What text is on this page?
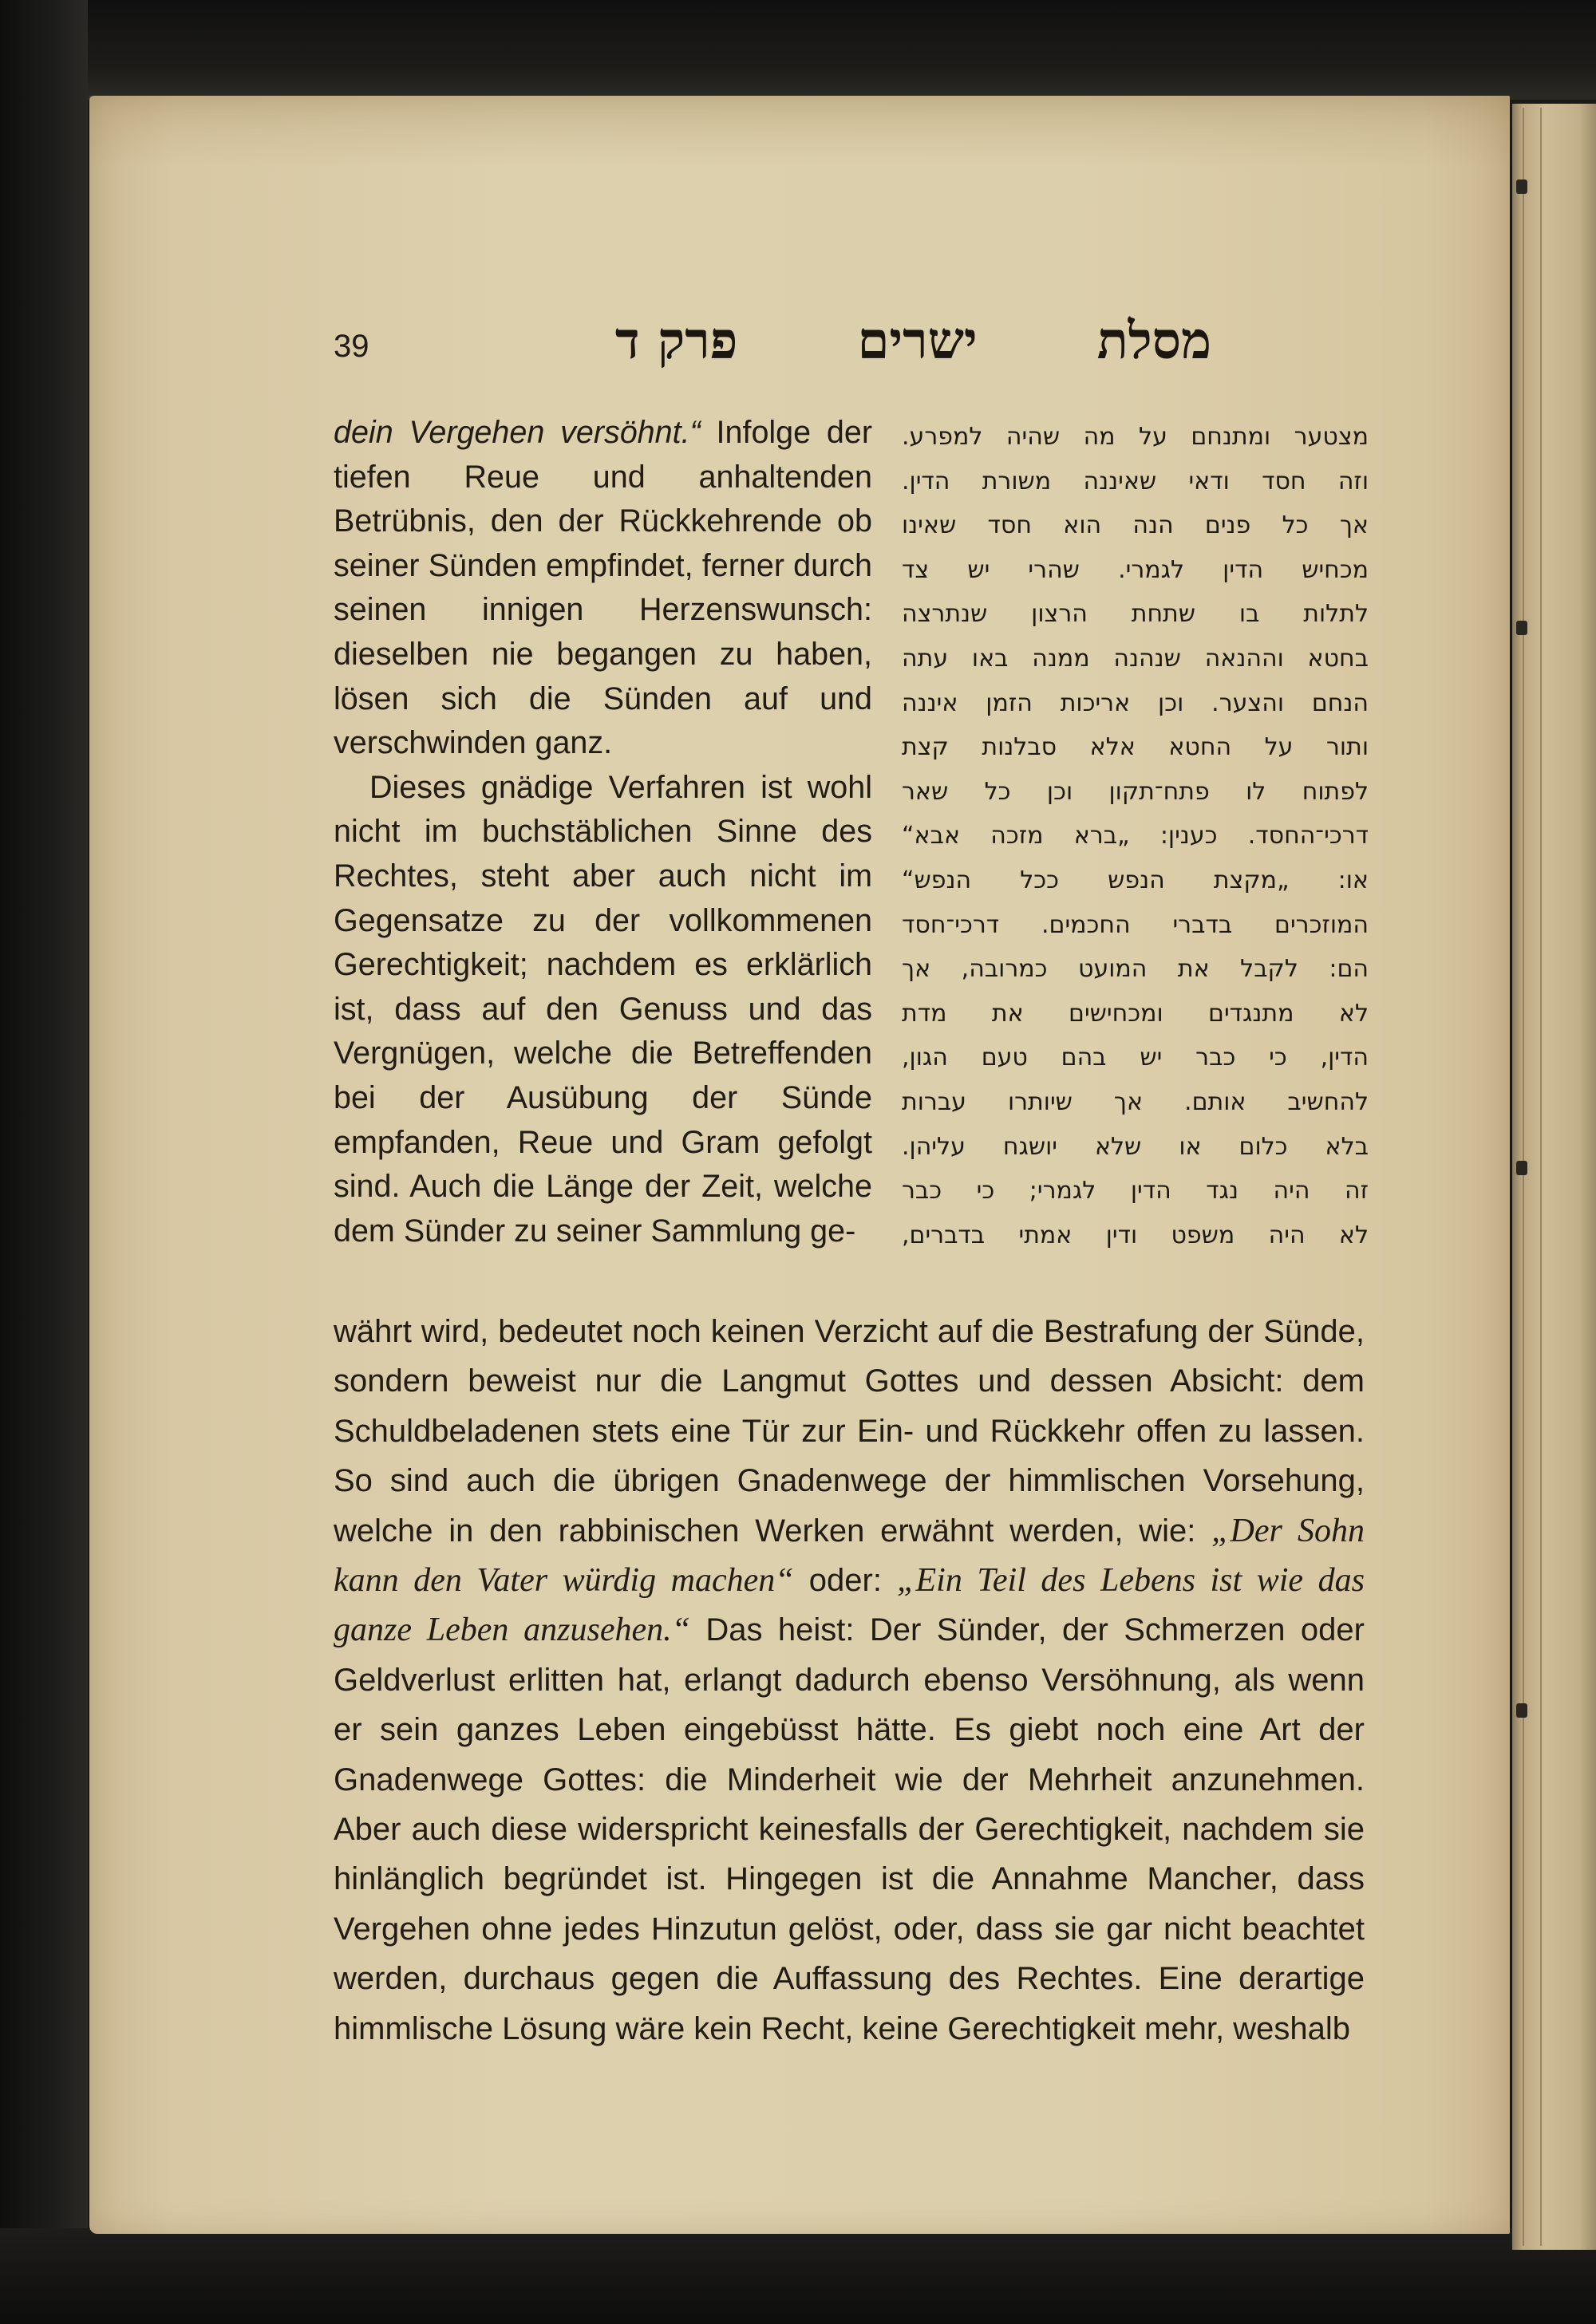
39	מסלתישריםפרק ד

dein Vergehen versöhnt.“ Infolge der tiefen Reue und anhaltenden Betrübnis, den der Rückkehrende ob seiner Sünden empfindet, ferner durch seinen innigen Herzenswunsch: dieselben nie begangen zu haben, lösen sich die Sünden auf und verschwinden ganz.

Dieses gnädige Verfahren ist wohl nicht im buchstäblichen Sinne des Rechtes, steht aber auch nicht im Gegensatze zu der vollkommenen Gerechtigkeit; nachdem es erklärlich ist, dass auf den Genuss und das Vergnügen, welche die Betreffenden bei der Ausübung der Sünde empfanden, Reue und Gram gefolgt sind. Auch die Länge der Zeit, welche dem Sünder zu seiner Sammlung ge-

מצטער ומתנחם על מה שהיה למפרע.
וזה חסד ודאי שאיננה משורת הדין.
אך כל פנים הנה הוא חסד שאינו
מכחיש הדין לגמרי. שהרי יש צד
לתלות בו שתחת הרצון שנתרצה
בחטא וההנאה שנהנה ממנה באו עתה
הנחם והצער. וכן אריכות הזמן איננה
ותור על החטא אלא סבלנות קצת
לפתוח לו פתח־תקון וכן כל שאר
דרכי־החסד. כענין: „ברא מזכה אבא“
או: „מקצת הנפש ככל הנפש“
המוזכרים בדברי החכמים. דרכי־חסד
הם: לקבל את המועט כמרובה, אך
לא מתנגדים ומכחישים את מדת
הדין, כי כבר יש בהם טעם הגון,
להחשיב אותם. אך שיותרו עברות
בלא כלום או שלא יושגח עליהן.
זה היה נגד הדין לגמרי; כי כבר
לא היה משפט ודין אמתי בדברים,

währt wird, bedeutet noch keinen Verzicht auf die Bestrafung der Sünde, sondern beweist nur die Langmut Gottes und dessen Absicht: dem Schuldbeladenen stets eine Tür zur Ein- und Rückkehr offen zu lassen. So sind auch die übrigen Gnadenwege der himmlischen Vorsehung, welche in den rabbinischen Werken erwähnt werden, wie: „Der Sohn kann den Vater würdig machen“ oder: „Ein Teil des Lebens ist wie das ganze Leben anzusehen.“ Das heist: Der Sünder, der Schmerzen oder Geldverlust erlitten hat, erlangt dadurch ebenso Versöhnung, als wenn er sein ganzes Leben eingebüsst hätte. Es giebt noch eine Art der Gnadenwege Gottes: die Minderheit wie der Mehrheit anzunehmen. Aber auch diese widerspricht keinesfalls der Gerechtigkeit, nachdem sie hinlänglich begründet ist. Hingegen ist die Annahme Mancher, dass Vergehen ohne jedes Hinzutun gelöst, oder, dass sie gar nicht beachtet werden, durchaus gegen die Auffassung des Rechtes. Eine derartige himmlische Lösung wäre kein Recht, keine Gerechtigkeit mehr, weshalb
